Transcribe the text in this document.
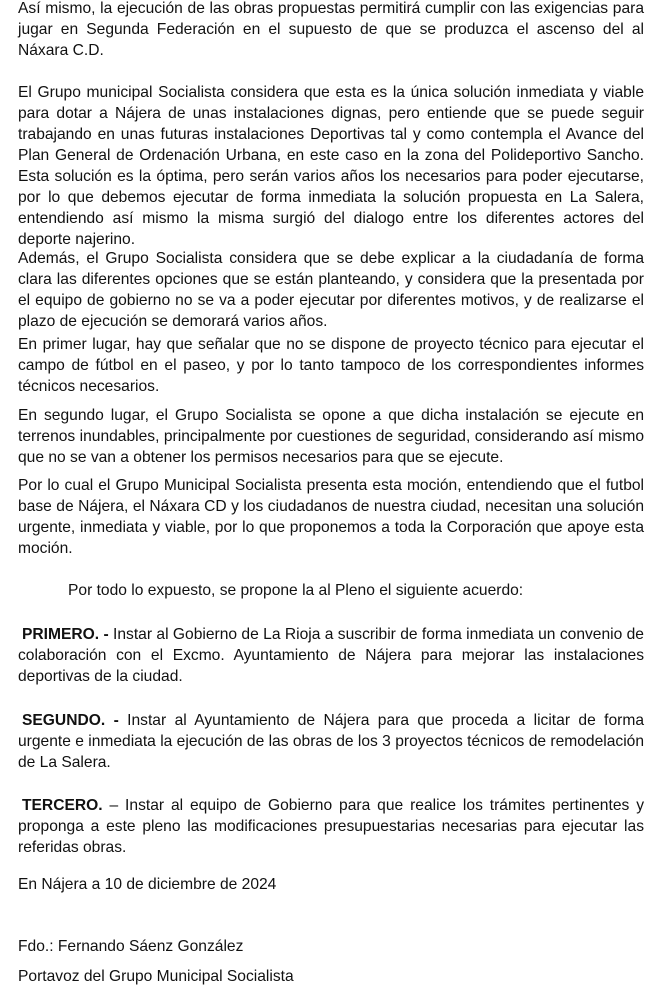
Así mismo, la ejecución de las obras propuestas permitirá cumplir con las exigencias para jugar en Segunda Federación en el supuesto de que se produzca el ascenso del al Náxara C.D.

El Grupo municipal Socialista considera que esta es la única solución inmediata y viable para dotar a Nájera de unas instalaciones dignas, pero entiende que se puede seguir trabajando en unas futuras instalaciones Deportivas tal y como contempla el Avance del Plan General de Ordenación Urbana, en este caso en la zona del Polideportivo Sancho. Esta solución es la óptima, pero serán varios años los necesarios para poder ejecutarse, por lo que debemos ejecutar de forma inmediata la solución propuesta en La Salera, entendiendo así mismo la misma surgió del dialogo entre los diferentes actores del deporte najerino.

Además, el Grupo Socialista considera que se debe explicar a la ciudadanía de forma clara las diferentes opciones que se están planteando, y considera que la presentada por el equipo de gobierno no se va a poder ejecutar por diferentes motivos, y de realizarse el plazo de ejecución se demorará varios años.

En primer lugar, hay que señalar que no se dispone de proyecto técnico para ejecutar el campo de fútbol en el paseo, y por lo tanto tampoco de los correspondientes informes técnicos necesarios.

En segundo lugar, el Grupo Socialista se opone a que dicha instalación se ejecute en terrenos inundables, principalmente por cuestiones de seguridad, considerando así mismo que no se van a obtener los permisos necesarios para que se ejecute.

Por lo cual el Grupo Municipal Socialista presenta esta moción, entendiendo que el futbol base de Nájera, el Náxara CD y los ciudadanos de nuestra ciudad, necesitan una solución urgente, inmediata y viable, por lo que proponemos a toda la Corporación que apoye esta moción.

Por todo lo expuesto, se propone la al Pleno el siguiente acuerdo:

PRIMERO. - Instar al Gobierno de La Rioja a suscribir de forma inmediata un convenio de colaboración con el Excmo. Ayuntamiento de Nájera para mejorar las instalaciones deportivas de la ciudad.

SEGUNDO. - Instar al Ayuntamiento de Nájera para que proceda a licitar de forma urgente e inmediata la ejecución de las obras de los 3 proyectos técnicos de remodelación de La Salera.

TERCERO. – Instar al equipo de Gobierno para que realice los trámites pertinentes y proponga a este pleno las modificaciones presupuestarias necesarias para ejecutar las referidas obras.

En Nájera a 10 de diciembre de 2024

Fdo.: Fernando Sáenz González

Portavoz del Grupo Municipal Socialista
